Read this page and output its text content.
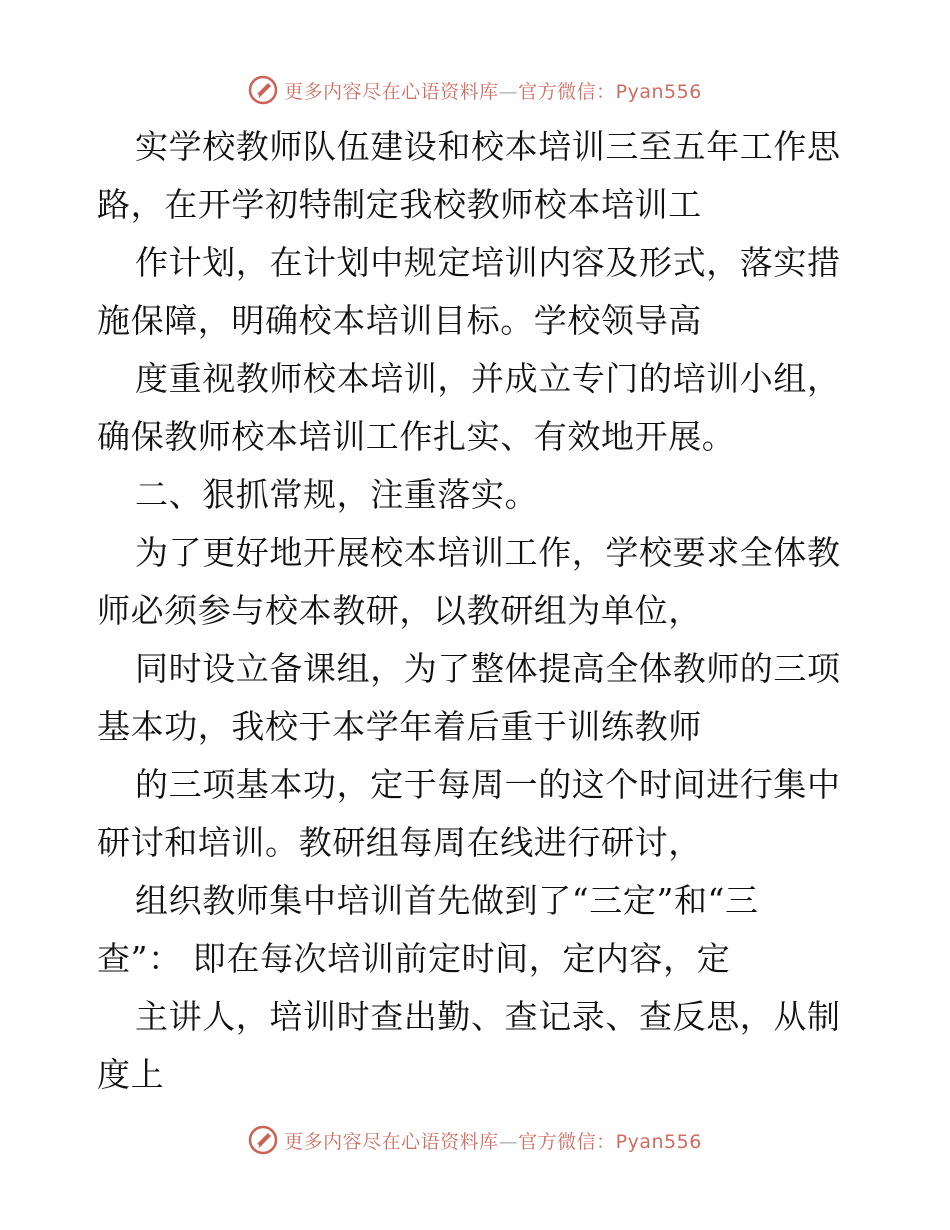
更多内容尽在心语资料库—官方微信：Pyan556
实学校教师队伍建设和校本培训三至五年工作思
路，在开学初特制定我校教师校本培训工
作计划，在计划中规定培训内容及形式，落实措
施保障，明确校本培训目标。学校领导高
度重视教师校本培训，并成立专门的培训小组，
确保教师校本培训工作扎实、有效地开展。
二、狠抓常规，注重落实。
为了更好地开展校本培训工作，学校要求全体教
师必须参与校本教研，以教研组为单位，
同时设立备课组，为了整体提高全体教师的三项
基本功，我校于本学年着后重于训练教师
的三项基本功，定于每周一的这个时间进行集中
研讨和培训。教研组每周在线进行研讨，
组织教师集中培训首先做到了“三定”和“三
查”： 即在每次培训前定时间，定内容，定
主讲人，培训时查出勤、查记录、查反思，从制
度上
更多内容尽在心语资料库—官方微信：Pyan556
